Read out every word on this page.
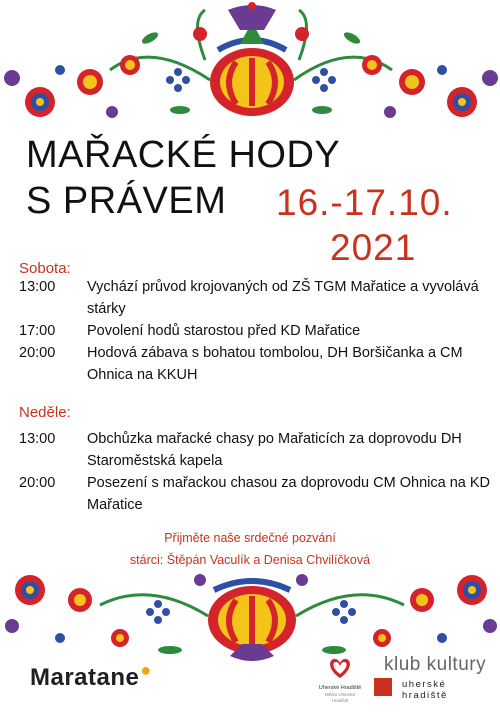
MAŘACKÉ HODY
S PRÁVEM	16.-17.10.
2021
Sobota:
13:00 Vychází průvod krojovaných od ZŠ TGM Mařatice a vyvolává stárky
17:00 Povolení hodů starostou před KD Mařatice
20:00 Hodová zábava s bohatou tombolou, DH Boršičanka a CM Ohnica na KKUH
Neděle:
13:00 Obchůzka mařacké chasy po Mařaticích za doprovodu DH Staroměstská kapela
20:00 Posezení s mařackou chasou za doprovodu CM Ohnica na KD Mařatice
Přijměte naše srdečné pozvání
stárci: Štěpán Vaculík a Denisa Chvilíčková
Maratane●
Uherské Hradiště
Město Uherské Hradiště
klub kultury
uherské hradiště
